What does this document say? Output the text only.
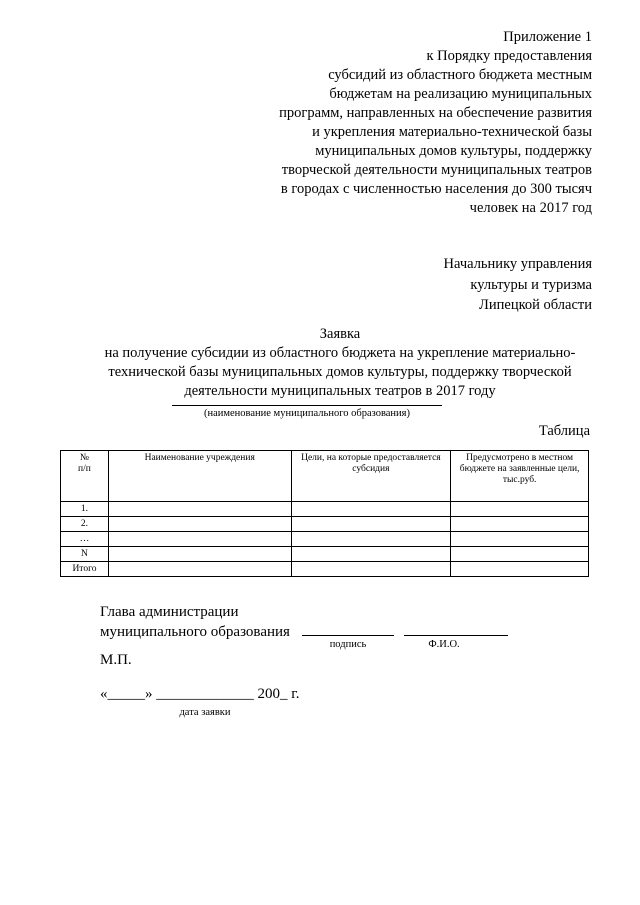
Приложение 1
к Порядку предоставления
субсидий из областного бюджета местным
бюджетам на реализацию муниципальных
программ, направленных на обеспечение развития
и укрепления материально-технической базы
муниципальных домов культуры, поддержку
творческой деятельности муниципальных театров
в городах с численностью населения до 300 тысяч
человек на 2017 год
Начальнику управления
культуры и туризма
Липецкой области
Заявка
на получение субсидии из областного бюджета на укрепление материально-
технической базы муниципальных домов культуры, поддержку творческой
деятельности муниципальных театров в 2017 году
(наименование муниципального образования)
Таблица
№
п/п	Наименование учреждения	Цели, на которые предоставляется субсидия	Предусмотрено в местном бюджете на заявленные цели, тыс.руб.
1.			
2.			
…			
N			
Итого			
Глава администрации
муниципального образования
подпись	Ф.И.О.
М.П.
«_____» _____________ 200_ г.
дата заявки
